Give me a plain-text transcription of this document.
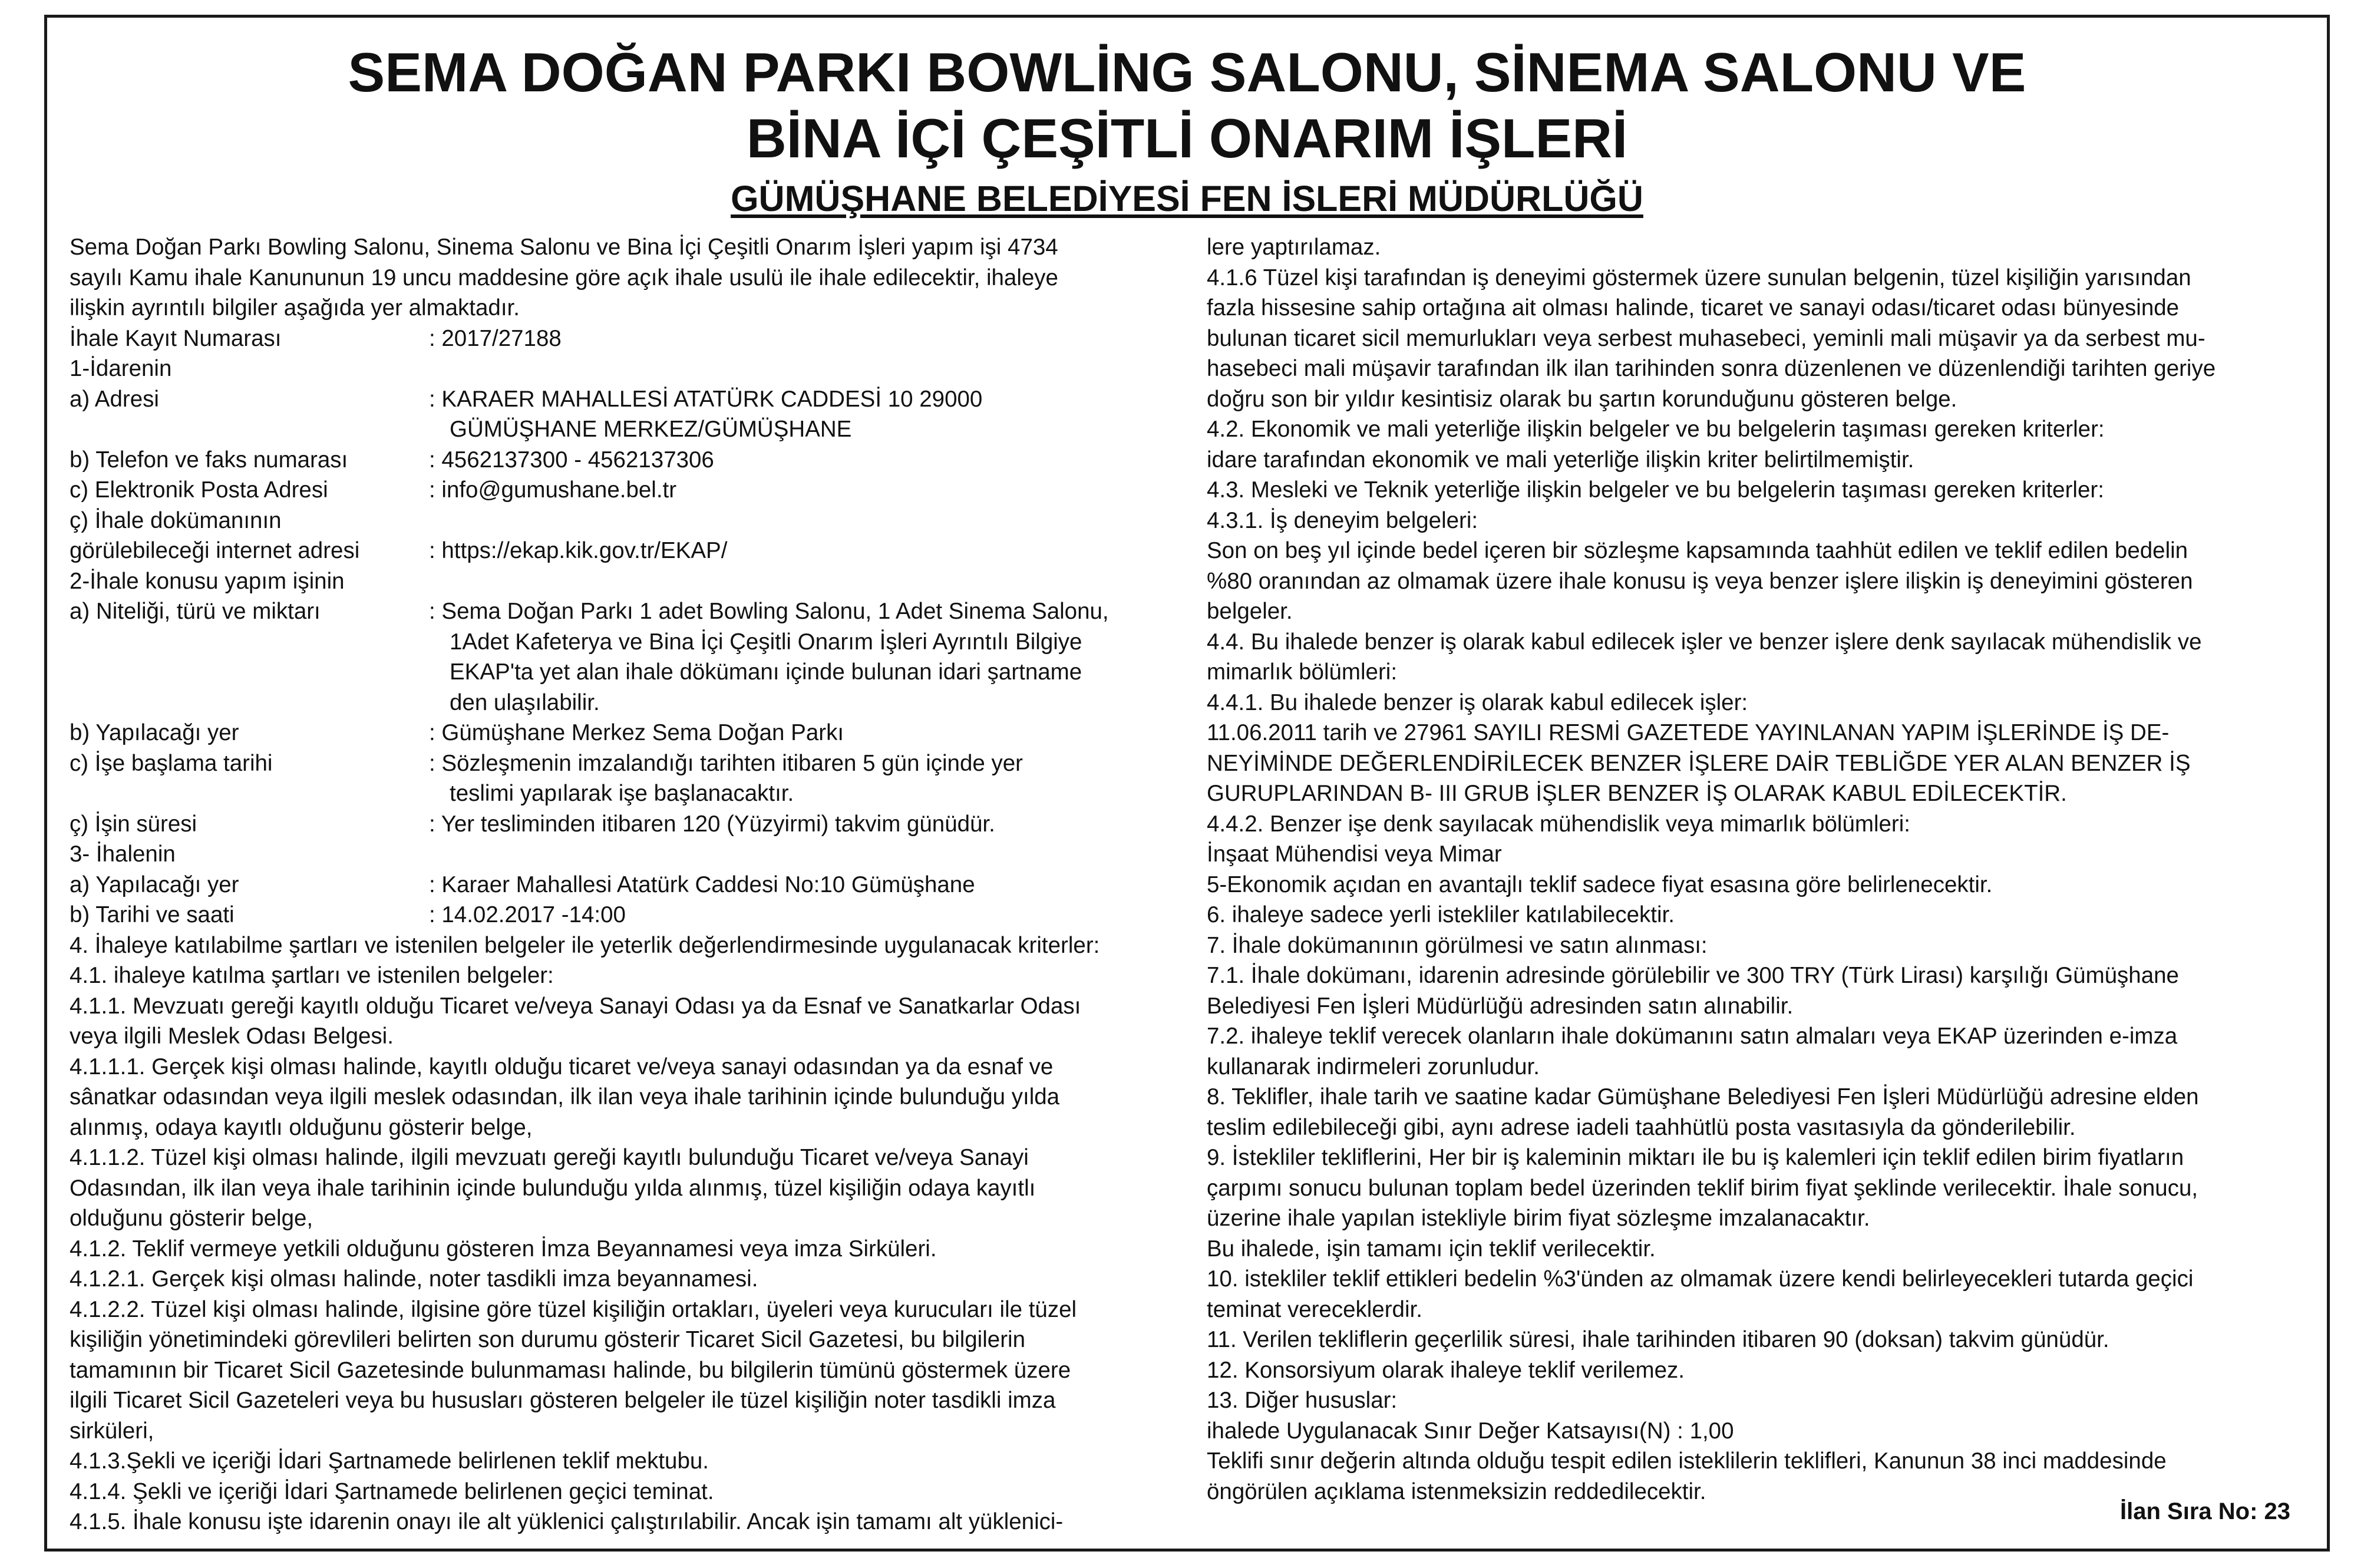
SEMA DOĞAN PARKI BOWLİNG SALONU, SİNEMA SALONU VE
BİNA İÇİ ÇEŞİTLİ ONARIM İŞLERİ
GÜMÜŞHANE BELEDİYESİ FEN İSLERİ MÜDÜRLÜĞÜ
Sema Doğan Parkı Bowling Salonu, Sinema Salonu ve Bina İçi Çeşitli Onarım İşleri yapım işi 4734
sayılı Kamu ihale Kanununun 19 uncu maddesine göre açık ihale usulü ile ihale edilecektir, ihaleye
ilişkin ayrıntılı bilgiler aşağıda yer almaktadır.
İhale Kayıt Numarası	: 2017/27188
1-İdarenin
a) Adresi	: KARAER MAHALLESİ ATATÜRK CADDESİ 10 29000
GÜMÜŞHANE MERKEZ/GÜMÜŞHANE
b) Telefon ve faks numarası	: 4562137300 - 4562137306
c) Elektronik Posta Adresi	: info@gumushane.bel.tr
ç) İhale dokümanının
görülebileceği internet adresi	: https://ekap.kik.gov.tr/EKAP/
2-İhale konusu yapım işinin
a) Niteliği, türü ve miktarı	: Sema Doğan Parkı 1 adet Bowling Salonu, 1 Adet Sinema Salonu,
1Adet Kafeterya ve Bina İçi Çeşitli Onarım İşleri Ayrıntılı Bilgiye
EKAP'ta yet alan ihale dökümanı içinde bulunan idari şartname
den ulaşılabilir.
b) Yapılacağı yer	: Gümüşhane Merkez Sema Doğan Parkı
c) İşe başlama tarihi	: Sözleşmenin imzalandığı tarihten itibaren 5 gün içinde yer
teslimi yapılarak işe başlanacaktır.
ç) İşin süresi	: Yer tesliminden itibaren 120 (Yüzyirmi) takvim günüdür.
3- İhalenin
a) Yapılacağı yer	: Karaer Mahallesi Atatürk Caddesi No:10 Gümüşhane
b) Tarihi ve saati	: 14.02.2017 -14:00
4. İhaleye katılabilme şartları ve istenilen belgeler ile yeterlik değerlendirmesinde uygulanacak kriterler:
4.1. ihaleye katılma şartları ve istenilen belgeler:
4.1.1. Mevzuatı gereği kayıtlı olduğu Ticaret ve/veya Sanayi Odası ya da Esnaf ve Sanatkarlar Odası
veya ilgili Meslek Odası Belgesi.
4.1.1.1. Gerçek kişi olması halinde, kayıtlı olduğu ticaret ve/veya sanayi odasından ya da esnaf ve
sânatkar odasından veya ilgili meslek odasından, ilk ilan veya ihale tarihinin içinde bulunduğu yılda
alınmış, odaya kayıtlı olduğunu gösterir belge,
4.1.1.2. Tüzel kişi olması halinde, ilgili mevzuatı gereği kayıtlı bulunduğu Ticaret ve/veya Sanayi
Odasından, ilk ilan veya ihale tarihinin içinde bulunduğu yılda alınmış, tüzel kişiliğin odaya kayıtlı
olduğunu gösterir belge,
4.1.2. Teklif vermeye yetkili olduğunu gösteren İmza Beyannamesi veya imza Sirküleri.
4.1.2.1. Gerçek kişi olması halinde, noter tasdikli imza beyannamesi.
4.1.2.2. Tüzel kişi olması halinde, ilgisine göre tüzel kişiliğin ortakları, üyeleri veya kurucuları ile tüzel
kişiliğin yönetimindeki görevlileri belirten son durumu gösterir Ticaret Sicil Gazetesi, bu bilgilerin
tamamının bir Ticaret Sicil Gazetesinde bulunmaması halinde, bu bilgilerin tümünü göstermek üzere
ilgili Ticaret Sicil Gazeteleri veya bu hususları gösteren belgeler ile tüzel kişiliğin noter tasdikli imza
sirküleri,
4.1.3.Şekli ve içeriği İdari Şartnamede belirlenen teklif mektubu.
4.1.4. Şekli ve içeriği İdari Şartnamede belirlenen geçici teminat.
4.1.5. İhale konusu işte idarenin onayı ile alt yüklenici çalıştırılabilir. Ancak işin tamamı alt yüklenici-
lere yaptırılamaz.
4.1.6 Tüzel kişi tarafından iş deneyimi göstermek üzere sunulan belgenin, tüzel kişiliğin yarısından
fazla hissesine sahip ortağına ait olması halinde, ticaret ve sanayi odası/ticaret odası bünyesinde
bulunan ticaret sicil memurlukları veya serbest muhasebeci, yeminli mali müşavir ya da serbest mu-
hasebeci mali müşavir tarafından ilk ilan tarihinden sonra düzenlenen ve düzenlendiği tarihten geriye
doğru son bir yıldır kesintisiz olarak bu şartın korunduğunu gösteren belge.
4.2. Ekonomik ve mali yeterliğe ilişkin belgeler ve bu belgelerin taşıması gereken kriterler:
idare tarafından ekonomik ve mali yeterliğe ilişkin kriter belirtilmemiştir.
4.3. Mesleki ve Teknik yeterliğe ilişkin belgeler ve bu belgelerin taşıması gereken kriterler:
4.3.1. İş deneyim belgeleri:
Son on beş yıl içinde bedel içeren bir sözleşme kapsamında taahhüt edilen ve teklif edilen bedelin
%80 oranından az olmamak üzere ihale konusu iş veya benzer işlere ilişkin iş deneyimini gösteren
belgeler.
4.4. Bu ihalede benzer iş olarak kabul edilecek işler ve benzer işlere denk sayılacak mühendislik ve
mimarlık bölümleri:
4.4.1. Bu ihalede benzer iş olarak kabul edilecek işler:
11.06.2011 tarih ve 27961 SAYILI RESMİ GAZETEDE YAYINLANAN YAPIM İŞLERİNDE İŞ DE-
NEYİMİNDE DEĞERLENDİRİLECEK BENZER İŞLERE DAİR TEBLİĞDE YER ALAN BENZER İŞ
GURUPLARINDAN B- III GRUB İŞLER BENZER İŞ OLARAK KABUL EDİLECEKTİR.
4.4.2. Benzer işe denk sayılacak mühendislik veya mimarlık bölümleri:
İnşaat Mühendisi veya Mimar
5-Ekonomik açıdan en avantajlı teklif sadece fiyat esasına göre belirlenecektir.
6. ihaleye sadece yerli istekliler katılabilecektir.
7. İhale dokümanının görülmesi ve satın alınması:
7.1. İhale dokümanı, idarenin adresinde görülebilir ve 300 TRY (Türk Lirası) karşılığı Gümüşhane
Belediyesi Fen İşleri Müdürlüğü adresinden satın alınabilir.
7.2. ihaleye teklif verecek olanların ihale dokümanını satın almaları veya EKAP üzerinden e-imza
kullanarak indirmeleri zorunludur.
8. Teklifler, ihale tarih ve saatine kadar Gümüşhane Belediyesi Fen İşleri Müdürlüğü adresine elden
teslim edilebileceği gibi, aynı adrese iadeli taahhütlü posta vasıtasıyla da gönderilebilir.
9. İstekliler tekliflerini, Her bir iş kaleminin miktarı ile bu iş kalemleri için teklif edilen birim fiyatların
çarpımı sonucu bulunan toplam bedel üzerinden teklif birim fiyat şeklinde verilecektir. İhale sonucu,
üzerine ihale yapılan istekliyle birim fiyat sözleşme imzalanacaktır.
Bu ihalede, işin tamamı için teklif verilecektir.
10. istekliler teklif ettikleri bedelin %3'ünden az olmamak üzere kendi belirleyecekleri tutarda geçici
teminat vereceklerdir.
11. Verilen tekliflerin geçerlilik süresi, ihale tarihinden itibaren 90 (doksan) takvim günüdür.
12. Konsorsiyum olarak ihaleye teklif verilemez.
13. Diğer hususlar:
ihalede Uygulanacak Sınır Değer Katsayısı(N) : 1,00
Teklifi sınır değerin altında olduğu tespit edilen isteklilerin teklifleri, Kanunun 38 inci maddesinde
öngörülen açıklama istenmeksizin reddedilecektir.
İlan Sıra No: 23
